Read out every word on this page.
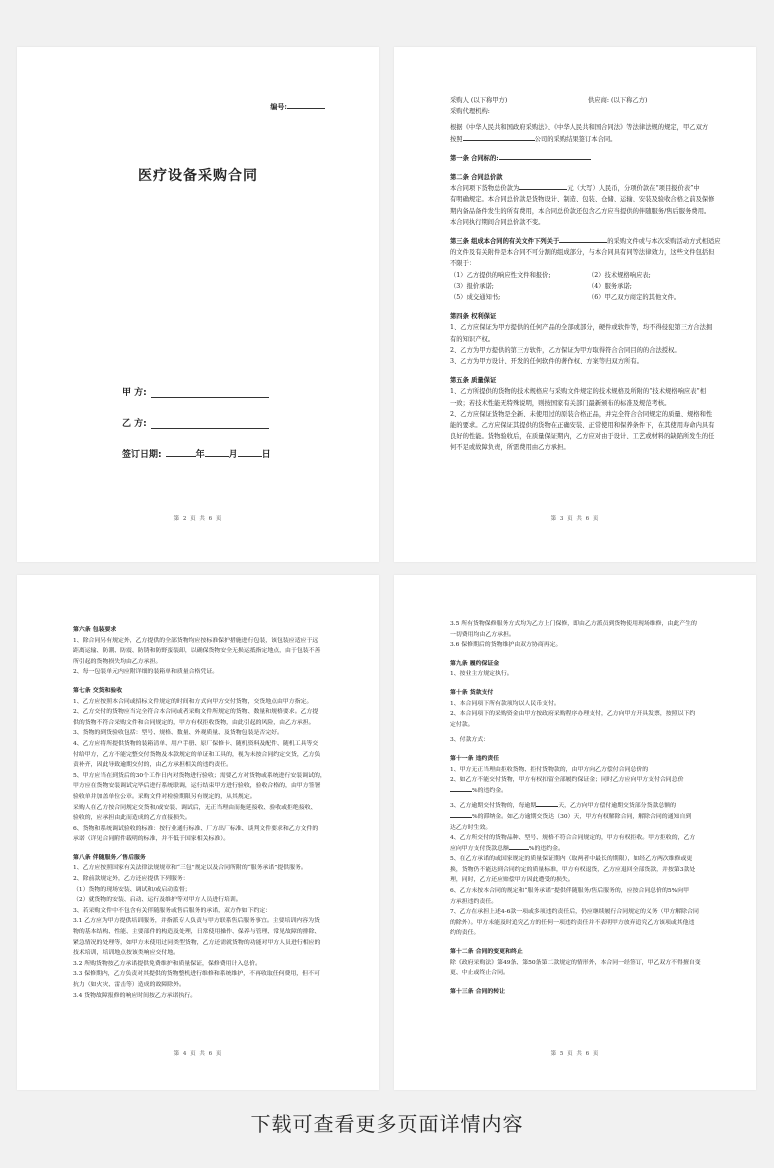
编号:
医疗设备采购合同
甲 方:
乙 方:
签订日期:	年	月	日
第 2 页 共 6 页

采购人 (以下称甲方)	供应商: (以下称乙方)

采购代理机构:

根据《中华人民共和国政府采购法》、《中华人民共和国合同法》等法律法规的规定，甲乙双方

按照	公司的采购结果签订本合同。

第一条 合同标的:

第二条 合同总价款

本合同项下货物总价款为	元（大写）人民币，分项价款在“项目报价表”中

有明确规定。本合同总价款是货物设计、制造、包装、仓储、运输、安装及验收合格之前及保修

期内备品备件发生的所有费用，本合同总价款还包含乙方应当提供的伴随服务/售后服务费用。

本合同执行期间合同总价款不变。

第三条 组成本合同的有关文件下列关于	的采购文件或与本次采购活动方式相适应

的文件及有关附件是本合同不可分割的组成部分，与本合同具有同等法律效力，这些文件包括但

不限于：

（1）乙方提供的响应性文件和报价;	（2）技术规格响应表;

（3）报价承诺;	（4）服务承诺;

（5）成交通知书;	（6）甲乙双方商定的其他文件。

第四条 权利保证

1、乙方应保证为甲方提供的任何产品的全部或部分，硬件或软件等，均不得侵犯第三方合法拥

有的知识产权。

2、乙方为甲方提供的第三方软件，乙方保证为甲方取得符合合同目的的合法授权。

3、乙方为甲方设计、开发的任何软件的著作权、方案等归双方所有。

第五条 质量保证

1、乙方所提供的货物的技术规格应与采购文件规定的技术规格及所附的“技术规格响应表”相

一致；若技术性能无特殊说明，则按国家有关部门最新颁布的标准及规范考核。

2、乙方应保证货物是全新、未使用过的原装合格正品，并完全符合合同规定的质量、规格和性

能的要求。乙方应保证其提供的货物在正确安装、正常使用和保养条件下，在其使用寿命内具有

良好的性能。货物验收后，在质量保证期内，乙方应对由于设计、工艺或材料的缺陷所发生的任

何不足或故障负责，所需费用由乙方承担。

第 3 页 共 6 页

第六条 包装要求

1、除合同另有规定外，乙方提供的全部货物均应按标准保护措施进行包装，该包装应适应于远

距离运输、防潮、防震、防锈和防野蛮装卸，以确保货物安全无损运抵指定地点，由于包装不善

所引起的货物损失均由乙方承担。

2、每一包装单元内应附详细的装箱单和质量合格凭证。

第七条 交货和验收

1、乙方应按照本合同或招标文件规定的时间和方式向甲方交付货物，交货地点由甲方指定。

2、乙方交付的货物应当完全符合本合同或者采购文件所规定的货物、数量和规格要求。乙方提

供的货物不符合采购文件和合同规定的，甲方有权拒收货物，由此引起的风险，由乙方承担。

3、货物的到货验收包括：型号、规格、数量、外观质量、及货物包装是否完好。

4、乙方应将所提供货物的装箱清单、用户手册、原厂保修卡、随机资料及配件、随机工具等交

付给甲方，乙方不能完整交付货物及本款规定的单证和工具的，视为未按合同约定交货，乙方负

责补齐，因此导致逾期交付的，由乙方承担相关的违约责任。

5、甲方应当在到货后的30个工作日内对货物进行验收；需要乙方对货物或系统进行安装调试的，

甲方应在货物安装调试完毕后进行系统联调，运行结束甲方进行验收，验收合格的，由甲方签署

验收单并加盖单位公章。采购文件对检验期限另有规定的，从其规定。

采购人在乙方按合同规定交货和/或安装、调试后，无正当理由而拖延接收、验收或拒绝接收、

验收的，应承担由此而造成的乙方直接损失。

6、货物和系统调试验收的标准：按行业通行标准、厂方出厂标准、谈判文件要求和乙方文件的

承诺（详见合同附件载明的标准，并不低于国家相关标准）。

第八条 伴随服务／售后服务

1、乙方应按照国家有关法律法规规章和“三包”规定以及合同所附的“服务承诺”提供服务。

2、除前款规定外，乙方还应提供下列服务：

（1）货物的现场安装、调试和/或启动监督；

（2）就货物的安装、启动、运行及维护等对甲方人员进行培训。

3、若采购文件中不包含有关伴随服务或售后服务的承诺，双方作如下约定：

3.1 乙方应为甲方提供培训服务，并指派专人负责与甲方联系售后服务事宜。主要培训内容为货

物的基本结构、性能、主要部件的构造及处理，日常使用操作、保养与管理、常见故障的排除、

紧急情况的处理等，如甲方未使用过同类型货物，乙方还需就货物的功能对甲方人员进行相应的

技术培训，培训地点按该类响应交付地。

3.2 所购货物按乙方承诺提供免费维护和质量保证，保修费用计入总价。

3.3 保修期内，乙方负责对其提供的货物整机进行维修和系统维护，不再收取任何费用，但不可

抗力（如火灾、雷击等）造成的故障除外。

3.4 货物故障报修的响应时间按乙方承诺执行。

第 4 页 共 6 页

3.5 所有货物保修服务方式均为乙方上门保修，即由乙方派员到货物使用现场维修，由此产生的

一切费用均由乙方承担。

3.6 保修期后的货物维护由双方协商再定。

第九条 履约保证金

1、按业主方规定执行。

第十条 货款支付

1、本合同项下所有款项均以人民币支付。

2、本合同项下的采购资金由甲方按政府采购程序办理支付，乙方向甲方开具发票，按照以下约

定付款。

3、付款方式：

第十一条 违约责任

1、甲方无正当理由拒收货物、拒付货物款的，由甲方向乙方偿付合同总价的

2、如乙方不能交付货物，甲方有权扣留全部履约保证金；同时乙方应向甲方支付合同总价

%的违约金。

3、乙方逾期交付货物的，每逾期	天，乙方向甲方偿付逾期交货部分货款总额的

%的滞纳金。如乙方逾期交货达（30）天，甲方有权解除合同，解除合同的通知自到

达乙方时生效。

4、乙方所交付的货物品种、型号、规格不符合合同规定的，甲方有权拒收。甲方拒收的，乙方

应向甲方支付货款总额	%的违约金。

5、在乙方承诺的或国家规定的质量保证期内（取两者中最长的期限），如经乙方两次维修或更

换，货物仍不能达到合同约定的质量标准，甲方有权退货，乙方应退回全部货款，并按第3款处

理，同时，乙方还应赔偿甲方因此遭受的损失。

6、乙方未按本合同的规定和“服务承诺”提供伴随服务/售后服务的，应按合同总价的5%向甲

方承担违约责任。

7、乙方在承担上述4-6款一项或多项违约责任后，仍应继续履行合同规定的义务（甲方解除合同

的除外）。甲方未能及时追究乙方的任何一项违约责任并不表明甲方放弃追究乙方该项或其他违

约的责任。

第十二条 合同的变更和终止

除《政府采购法》第49条、第50条第二款规定的情形外，本合同一经签订，甲乙双方不得擅自变

更、中止或终止合同。

第十三条 合同的转让

第 5 页 共 6 页
下载可查看更多页面详情内容
